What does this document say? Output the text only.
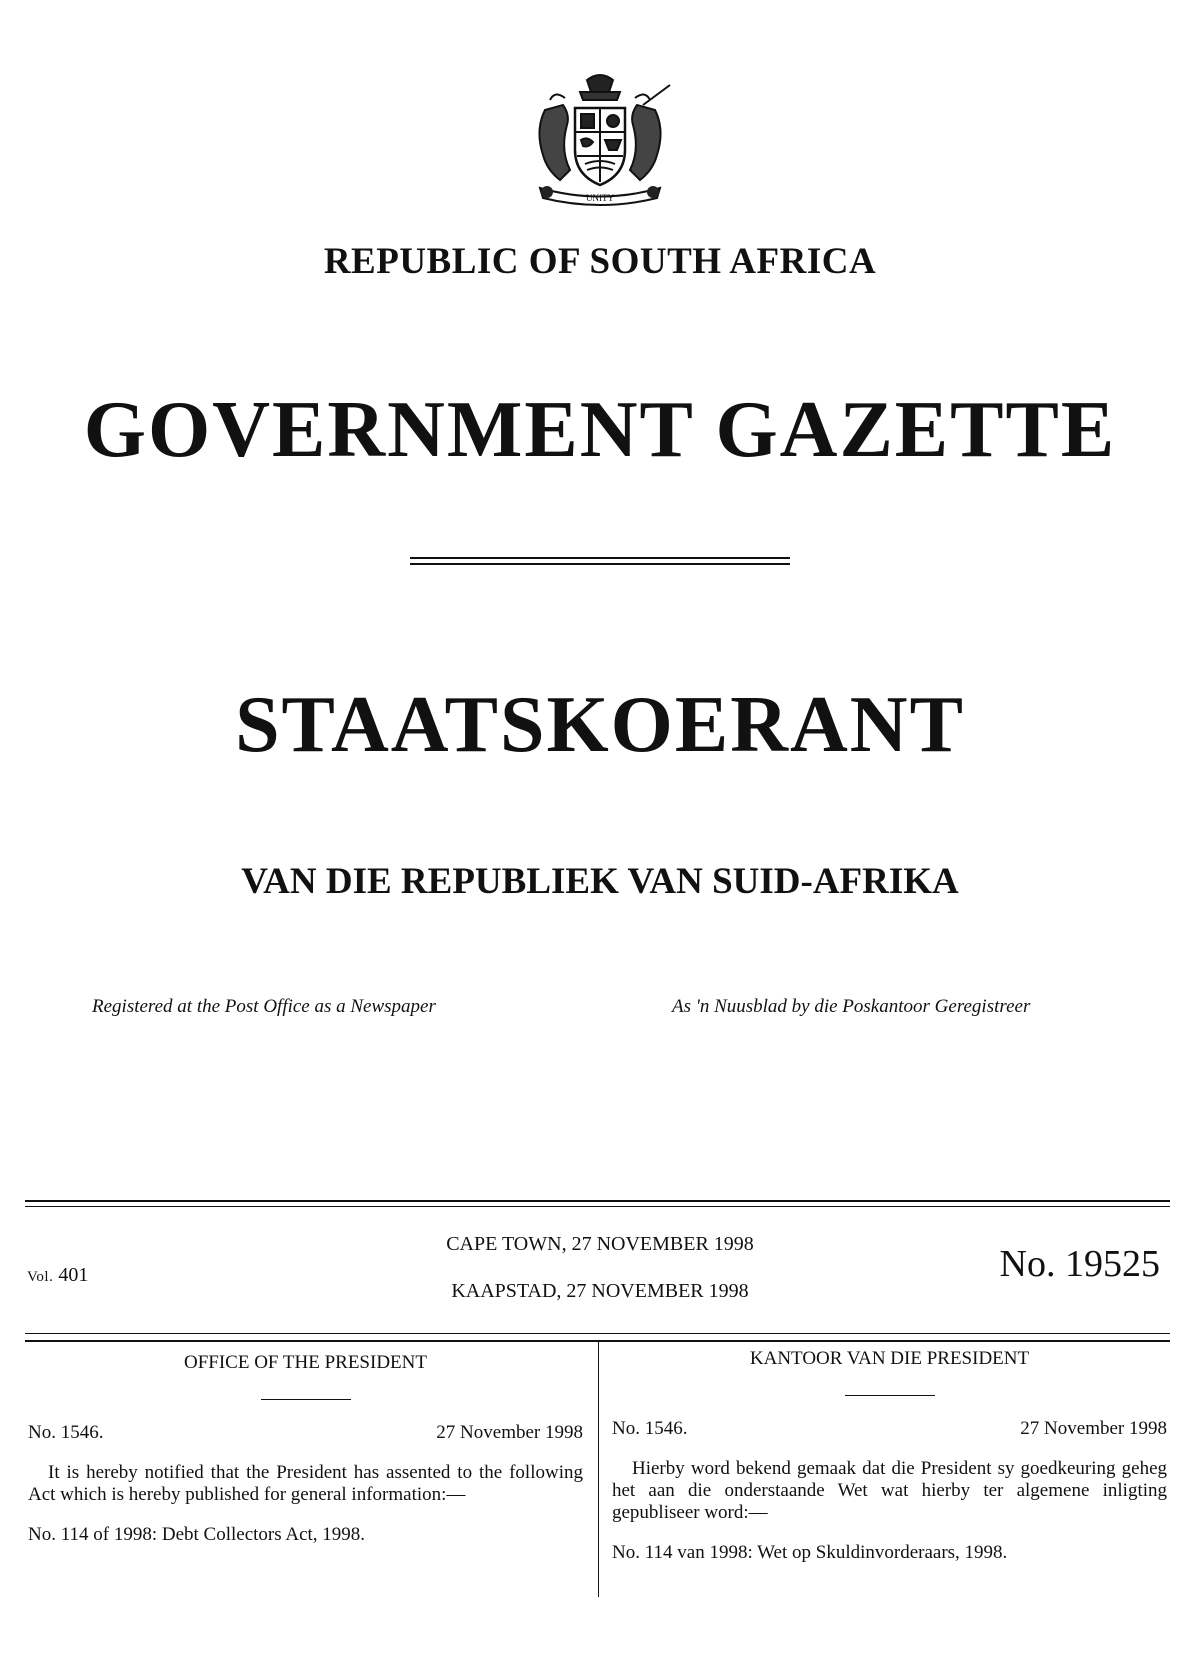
UNITY
REPUBLIC OF SOUTH AFRICA
GOVERNMENT GAZETTE
STAATSKOERANT
VAN DIE REPUBLIEK VAN SUID-AFRIKA
Registered at the Post Office as a Newspaper	As 'n Nuusblad by die Poskantoor Geregistreer
Vol. 401
CAPE TOWN, 27 NOVEMBER 1998
KAAPSTAD, 27 NOVEMBER 1998
No. 19525
OFFICE OF THE PRESIDENT
No. 1546.	27 November 1998
It is hereby notified that the President has assented to the following Act which is hereby published for general information:—
No. 114 of 1998: Debt Collectors Act, 1998.
KANTOOR VAN DIE PRESIDENT
No. 1546.	27 November 1998
Hierby word bekend gemaak dat die President sy goedkeuring geheg het aan die onderstaande Wet wat hierby ter algemene inligting gepubliseer word:—
No. 114 van 1998: Wet op Skuldinvorderaars, 1998.
